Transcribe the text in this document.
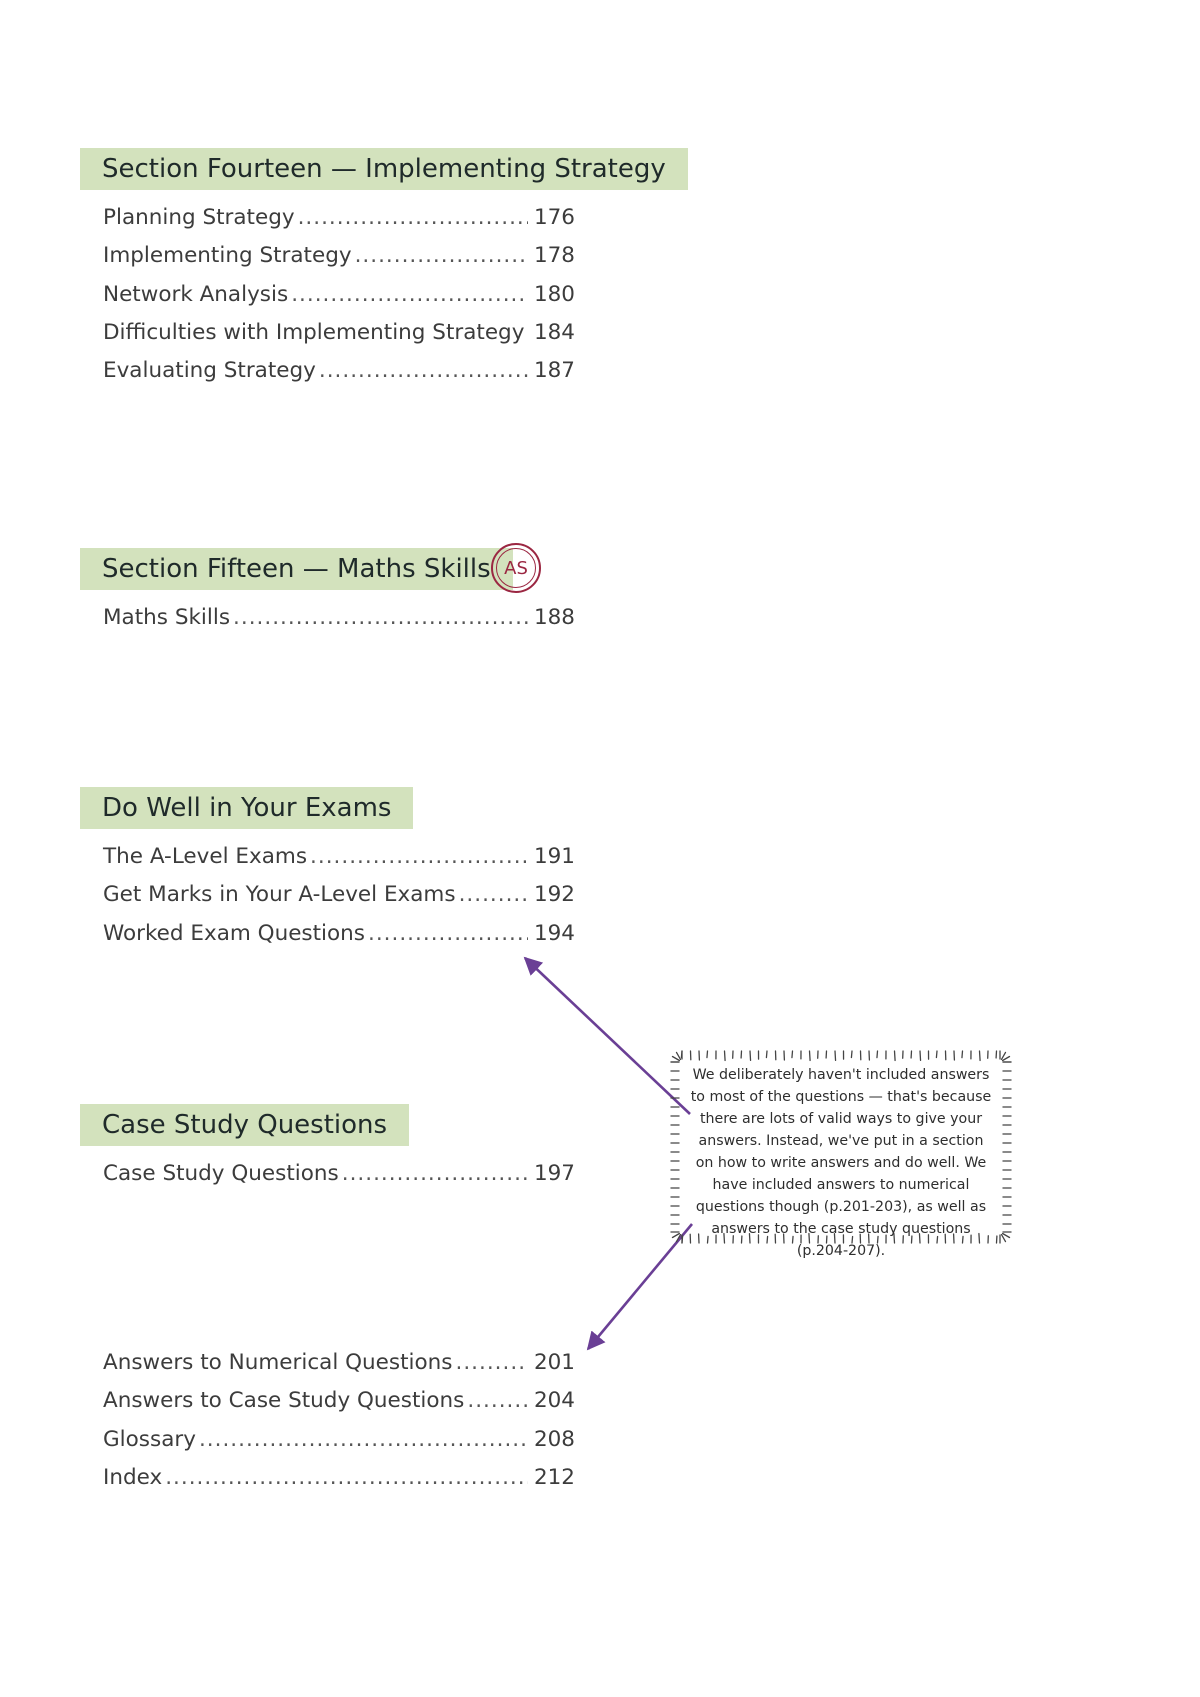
Section Fourteen — Implementing Strategy
Planning Strategy .....	176
Implementing Strategy .....	178
Network Analysis .....	180
Difficulties with Implementing Strategy ..... 184
Evaluating Strategy .....	187
Section Fifteen — Maths Skills AS
Maths Skills .....	188
Do Well in Your Exams
The A-Level Exams .....	191
Get Marks in Your A-Level Exams .....	192
Worked Exam Questions .....	194
Case Study Questions
Case Study Questions .....	197
Answers to Numerical Questions .....	201
Answers to Case Study Questions .....	204
Glossary .....	208
Index .....	212
We deliberately haven't included answers to most of the questions — that's because there are lots of valid ways to give your answers. Instead, we've put in a section on how to write answers and do well. We have included answers to numerical questions though (p.201-203), as well as answers to the case study questions (p.204-207).
